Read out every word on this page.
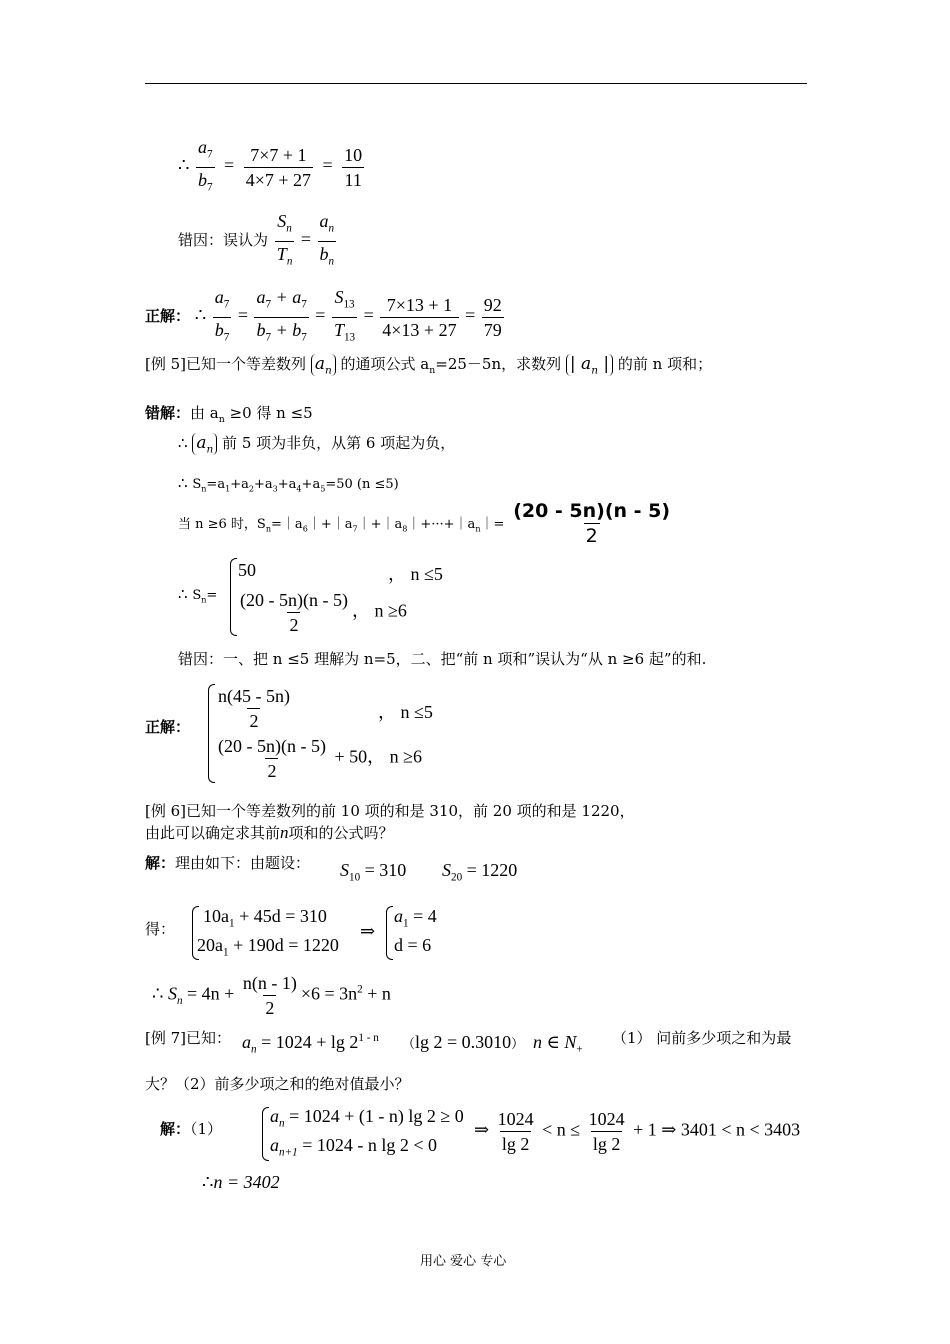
∴ $\frac{a_7}{b_7} = \frac{7\times 7 + 1}{4\times 7 + 27} = \frac{10}{11}$
错因：误认为 $\frac{S_n}{T_n} = \frac{a_n}{b_n}$
正解： ∴ $\frac{a_7}{b_7} = \frac{a_7 + a_7}{b_7 + b_7} = \frac{S_{13}}{T_{13}} = \frac{7\times 13 + 1}{4\times 13 + 27} = \frac{92}{79}$
[例 5]已知一个等差数列 $a_n$ 的通项公式 $a_n=25-5n$，求数列 | $a_n$ | 的前 n 项和；
错解：由 $a_n \ge 0$ 得 n ≤5
∴ $a_n$ 前 5 项为非负，从第 6 项起为负，
∴ $S_n=a_1+a_2+a_3+a_4+a_5=50$ (n ≤5)
当 n ≥6 时，$S_n=|a_6|+|a_7|+|a_8|+\cdot\cdot\cdot+|a_n|= \frac{(20 - 5n)(n - 5)}{2}$
∴ $S_n=$
50	， n ≤5
$\frac{(20 - 5n)(n - 5)}{2}$ ， n ≥6
错因：一、把 n ≤5 理解为 n=5，二、把“前 n 项和”误认为“从 n ≥6 起”的和.
正解： $\frac{n(45 - 5n)}{2}$	， n ≤5
$\frac{(20 - 5n)(n - 5)}{2} + 50$， n ≥6
[例 6]已知一个等差数列的前 10 项的和是 310，前 20 项的和是 1220，
由此可以确定求其前n项和的公式吗？
解：理由如下：由题设： $S_{10} = 310$ $S_{20} = 1220$
得：
$10a_1 + 45d = 310$
$20a_1 + 190d = 1220$
⇒
$a_1 = 4$
d = 6
∴ $S_n = 4n + \frac{n(n - 1)}{2} \times 6 = 3n^2 + n$
[例 7]已知： $a_n = 1024 + \lg 2^{1 - n}$ （lg 2 = 0.3010） n ∈ $N_+$
（1） 问前多少项之和为最
大？（2）前多少项之和的绝对值最小？
解：（1）
$a_n = 1024 + (1 - n)$ lg 2 ≥ 0
$a_{n+1} = 1024 - n$ lg 2 < 0
⇒ $\frac{1024}{\lg 2} < n \le \frac{1024}{\lg 2} + 1$ ⇒ 3401 < n < 3403
∴n = 3402
用心 爱心 专心
